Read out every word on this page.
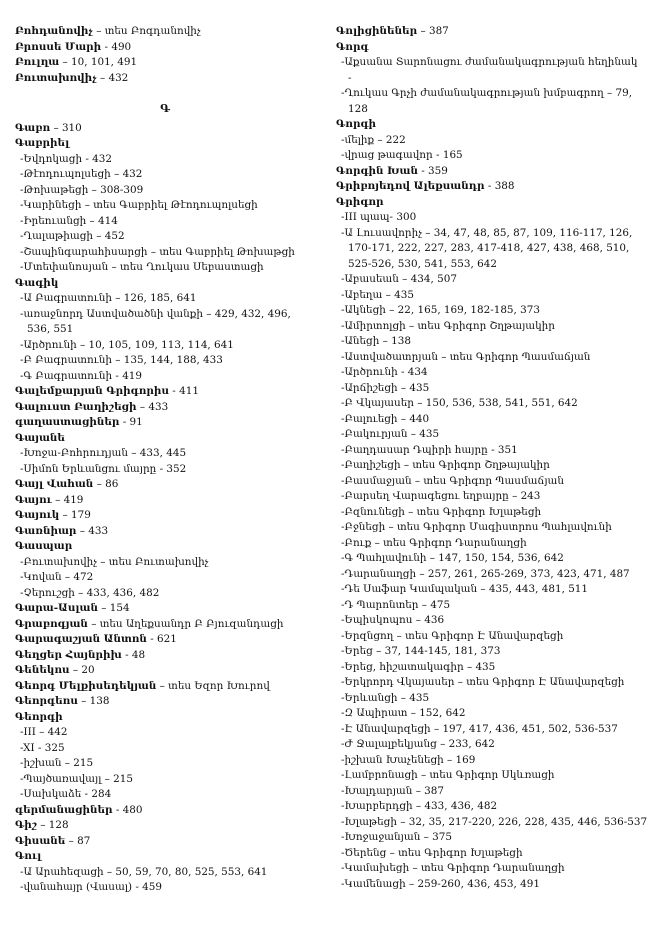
Բոհդանովիչ – տես Բոգդանովիչ
Բրոսսե Մարի - 490
Բուլղա – 10, 101, 491
Բուտախովիչ – 432
Գ
Գաբո – 310
Գաբրիել
-Եվդոկացի - 432
-Թէոդուպոլսեցի – 432
-Թոխաթեցի – 308-309
-Կարինեցի – տես Գաբրիել Թէոդուպոլսեցի
-Իրեուանցի – 414
-Ղալաթիացի – 452
-Շապինգարահիսարցի – տես Գաբրիել Թոխաթցի
-Մտեփանոսյան – տես Ղուկաս Սեբաստացի
Գագիկ
-Ա Բագրատունի – 126, 185, 641
-առաջնորդ Աստվածածնի վանքի – 429, 432, 496, 536, 551
-Արծրունի – 10, 105, 109, 113, 114, 641
-Բ Բագրատունի – 135, 144, 188, 433
-Գ Բագրատունի - 419
Գալեմքարյան Գրիգորիս - 411
Գալուստ Բաղիշեցի – 433
գաղաստացիներ - 91
Գայանե
-Խոջա-Բոհրուդյան – 433, 445
-Սիմոն Երևանցու մայրը - 352
Գայլ Վահան – 86
Գայու – 419
Գայուկ – 179
Գառնիար – 433
Գասպար
-Բուտախովիչ – տես Բուտախովիչ
-Կովան – 472
-Չերուշցի – 433, 436, 482
Գարա-Ասլան – 154
Գրաբոգյան – տես Աղեքսանդր Բ Բյուզանդացի
Գարագաշյան Անտոն - 621
Գեղցեր Հայնրիխ - 48
Գենեկոս – 20
Գեորգ Մելքիսեդեկյան – տես Եզոր Խուրով
Գեորգեոս – 138
Գեորգի
-III – 442
-XI - 325
-իշխան – 215
-Պայծառավայլ – 215
-Սախկաձե - 284
գերմանացիներ - 480
Գիշ – 128
Գիսանե – 87
Գուլ
-Ա Արահեզացի – 50, 59, 70, 80, 525, 553, 641
-վանահայր (Վասալ) - 459
Գոլիցինեներ – 387
Գորգ
-Աքսանա Տարոնացու ժամանակագրության հեղինակ -
-Ղուկաս Գրչի ժամանակագրության խմբագրող – 79, 128
Գորգի
-մելիք – 222
-վրաց թագավոր - 165
Գորգին Խան - 359
Գրիբոյեդով Ալեքսանդր - 388
Գրիգոր
-III պապ- 300
-Ա Լուսավորիչ – 34, 47, 48, 85, 87, 109, 116-117, 126, 170-171, 222, 227, 283, 417-418, 427, 438, 468, 510, 525-526, 530, 541, 553, 642
-Աբասեան – 434, 507
-Աբեղա – 435
-Ակնեցի – 22, 165, 169, 182-185, 373
-Ամիրտոլցի – տես Գրիգոր Շղթայակիր
-Անեցի – 138
-Աստվածատրյան – տես Գրիգոր Պասմաճյան
-Արծրունի - 434
-Արճիշեցի – 435
-Բ Վկայասեր – 150, 536, 538, 541, 551, 642
-Բալուեցի – 440
-Բակուրյան – 435
-Բաղդասար Դպիրի հայրը - 351
-Բաղիշեցի – տես Գրիգոր Շղթայակիր
-Բասմաջյան – տես Գրիգոր Պասմաճյան
-Բարսեղ Վարագեցու եղբայրը – 243
-Բզնունեցի – տես Գրիգոր Խլաթեցի
-Բջնեցի – տես Գրիգոր Մագիստրոս Պահլավունի
-Բուք – տես Գրիգոր Դարանաղցի
-Գ Պահլավունի – 147, 150, 154, 536, 642
-Դարանաղցի – 257, 261, 265-269, 373, 423, 471, 487
-Դե Սաֆար Կամպական – 435, 443, 481, 511
-Դ Պարոնտեր – 475
-Եպիսկոպոս – 436
-Երզնցող – տես Գրիգոր Է Անավարզեցի
-Երեց – 37, 144-145, 181, 373
-Երեց, հիշատակագիր – 435
-Երկրորդ Վկայասեր – տես Գրիգոր Է Անավարզեցի
-Երևանցի – 435
-Զ Ապիրատ – 152, 642
-Է Անավարզեցի – 197, 417, 436, 451, 502, 536-537
-Ժ Ջալալբեկյանց – 233, 642
-իշխան Խաչենեցի – 169
-Լամբրոնացի – տես Գրիգոր Սկևռացի
-Խալդարյան – 387
-Խարբերդցի – 433, 436, 482
-Խլաթեցի – 32, 35, 217-220, 226, 228, 435, 446, 536-537
-Խոջաջանյան – 375
-Ծերենց – տես Գրիգոր Խլաթեցի
-Կամախեցի – տես Գրիգոր Դարանաղցի
-Կամենացի – 259-260, 436, 453, 491
